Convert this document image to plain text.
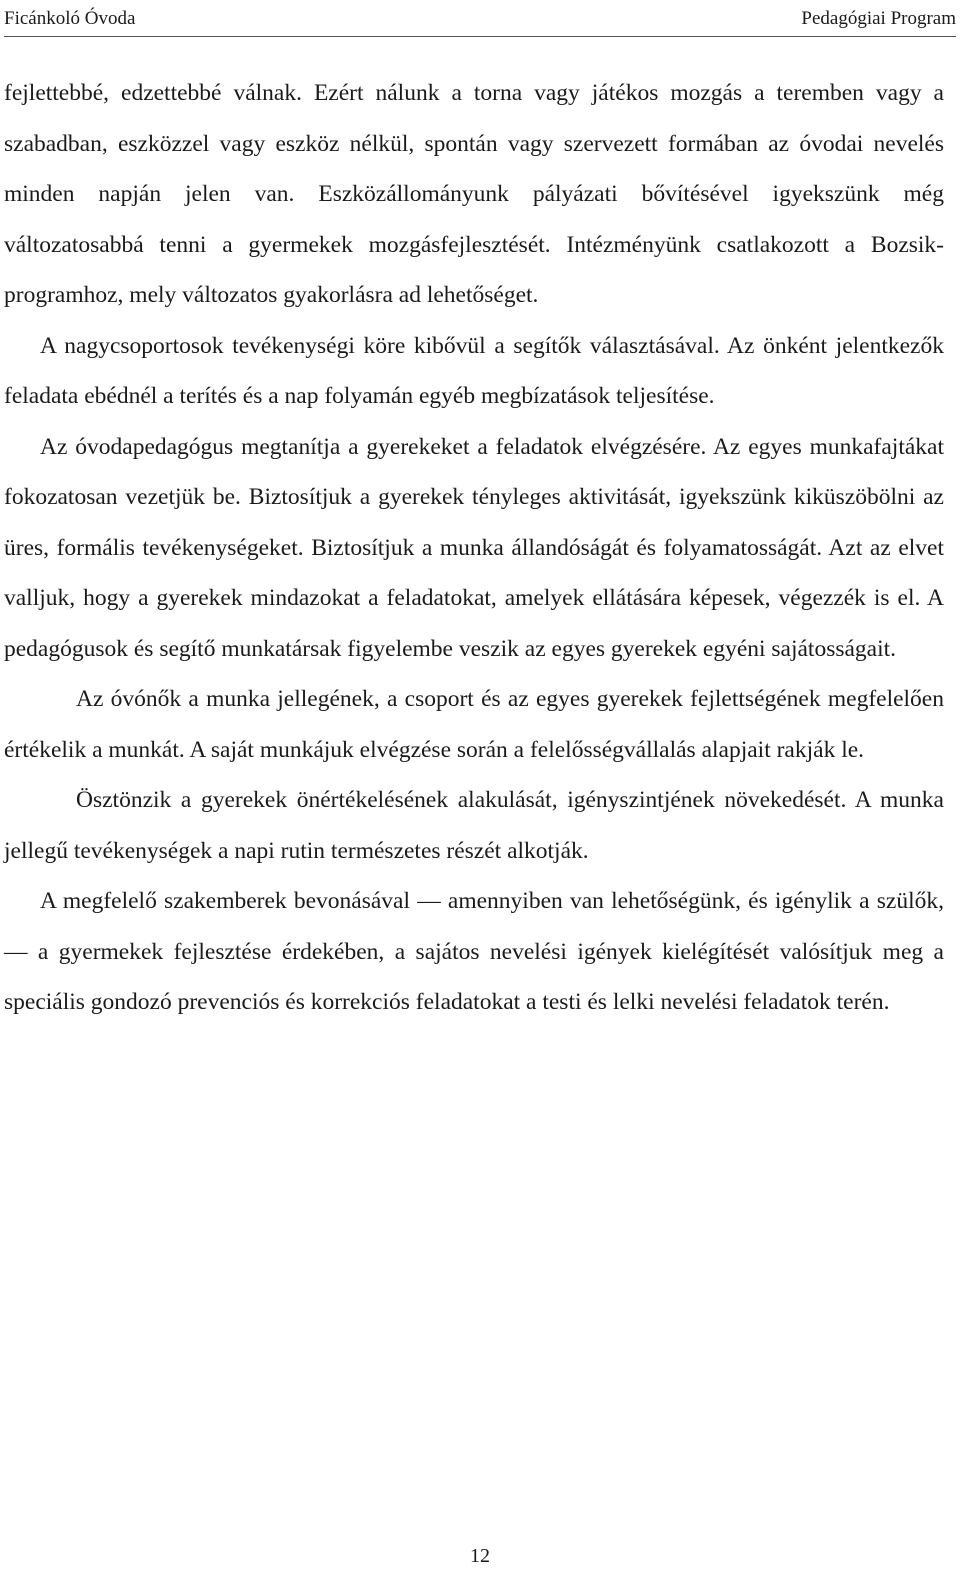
Ficánkoló Óvoda	Pedagógiai Program

fejlettebbé, edzettebbé válnak. Ezért nálunk a torna vagy játékos mozgás a teremben vagy a szabadban, eszközzel vagy eszköz nélkül, spontán vagy szervezett formában az óvodai nevelés minden napján jelen van. Eszközállományunk pályázati bővítésével igyekszünk még változatosabbá tenni a gyermekek mozgásfejlesztését. Intézményünk csatlakozott a Bozsik-programhoz, mely változatos gyakorlásra ad lehetőséget.

A nagycsoportosok tevékenységi köre kibővül a segítők választásával. Az önként jelentkezők feladata ebédnél a terítés és a nap folyamán egyéb megbízatások teljesítése.

Az óvodapedagógus megtanítja a gyerekeket a feladatok elvégzésére. Az egyes munkafajtákat fokozatosan vezetjük be. Biztosítjuk a gyerekek tényleges aktivitását, igyekszünk kiküszöbölni az üres, formális tevékenységeket. Biztosítjuk a munka állandóságát és folyamatosságát. Azt az elvet valljuk, hogy a gyerekek mindazokat a feladatokat, amelyek ellátására képesek, végezzék is el. A pedagógusok és segítő munkatársak figyelembe veszik az egyes gyerekek egyéni sajátosságait.

Az óvónők a munka jellegének, a csoport és az egyes gyerekek fejlettségének megfelelően értékelik a munkát. A saját munkájuk elvégzése során a felelősségvállalás alapjait rakják le.

Ösztönzik a gyerekek önértékelésének alakulását, igényszintjének növekedését. A munka jellegű tevékenységek a napi rutin természetes részét alkotják.

A megfelelő szakemberek bevonásával — amennyiben van lehetőségünk, és igénylik a szülők, — a gyermekek fejlesztése érdekében, a sajátos nevelési igények kielégítését valósítjuk meg a speciális gondozó prevenciós és korrekciós feladatokat a testi és lelki nevelési feladatok terén.

12
